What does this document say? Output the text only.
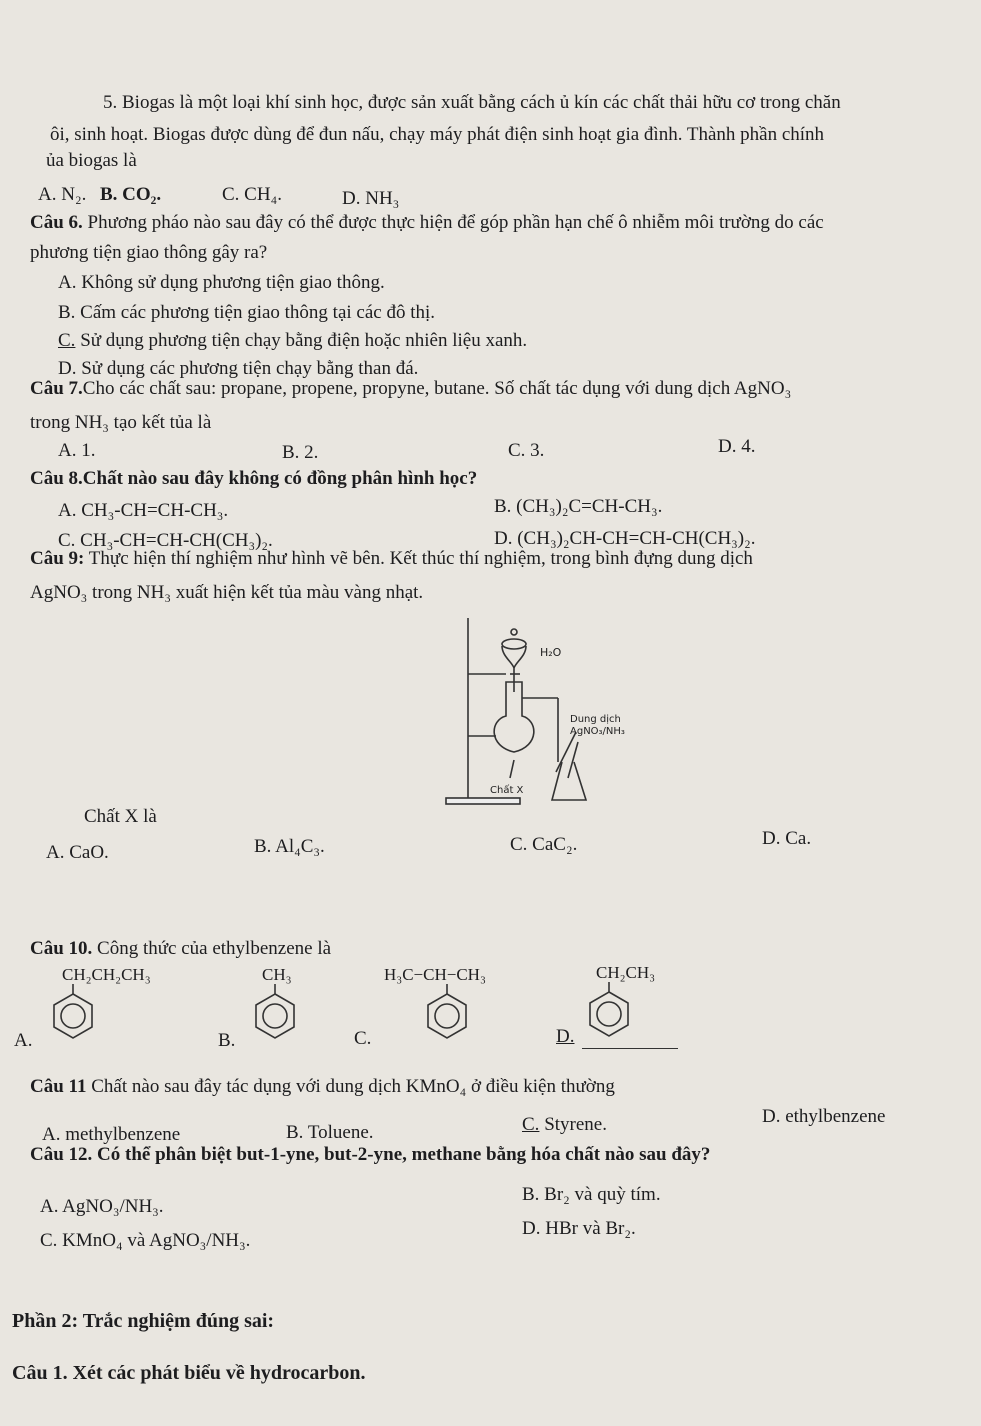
5. Biogas là một loại khí sinh học, được sản xuất bằng cách ủ kín các chất thải hữu cơ trong chăn
ôi, sinh hoạt. Biogas được dùng để đun nấu, chạy máy phát điện sinh hoạt gia đình. Thành phần chính
ủa biogas là
A. N₂. B. CO₂.	C. CH₄.	D. NH₃
Câu 6. Phương pháo nào sau đây có thể được thực hiện để góp phần hạn chế ô nhiễm môi trường do các
phương tiện giao thông gây ra?
A. Không sử dụng phương tiện giao thông.
B. Cấm các phương tiện giao thông tại các đô thị.
C. Sử dụng phương tiện chạy bằng điện hoặc nhiên liệu xanh.
D. Sử dụng các phương tiện chạy bằng than đá.
Câu 7.Cho các chất sau: propane, propene, propyne, butane. Số chất tác dụng với dung dịch AgNO₃
trong NH₃ tạo kết tủa là
A. 1.	B. 2.	C. 3.	D. 4.
Câu 8.Chất nào sau đây không có đồng phân hình học?
A. CH₃-CH=CH-CH₃.	B. (CH₃)₂C=CH-CH₃.
C. CH₃-CH=CH-CH(CH₃)₂.	D. (CH₃)₂CH-CH=CH-CH(CH₃)₂.
Câu 9: Thực hiện thí nghiệm như hình vẽ bên. Kết thúc thí nghiệm, trong bình đựng dung dịch
AgNO₃ trong NH₃ xuất hiện kết tủa màu vàng nhạt.
H₂O
Dung dịch
AgNO₃/NH₃
Chất X
Chất X là
A. CaO.	B. Al₄C₃.	C. CaC₂.	D. Ca.
Câu 10. Công thức của ethylbenzene là
CH₂CH₂CH₃
A.
CH₃
B.
H₃C−CH−CH₃
C.
CH₂CH₃
D.
Câu 11 Chất nào sau đây tác dụng với dung dịch KMnO₄ ở điều kiện thường
A. methylbenzene	B. Toluene.	C. Styrene.	D. ethylbenzene
Câu 12. Có thể phân biệt but-1-yne, but-2-yne, methane bằng hóa chất nào sau đây?
A. AgNO₃/NH₃.
B. Br₂ và quỳ tím.
C. KMnO₄ và AgNO₃/NH₃.
D. HBr và Br₂.
Phần 2: Trắc nghiệm đúng sai:
Câu 1. Xét các phát biểu về hydrocarbon.
